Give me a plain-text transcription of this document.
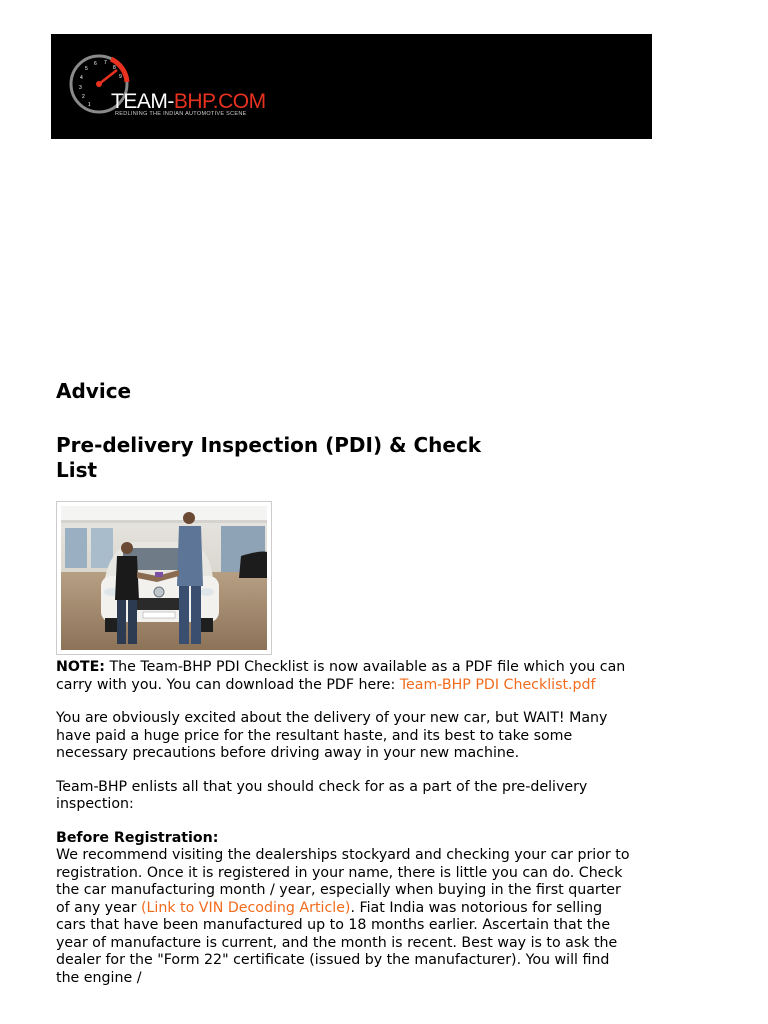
1
2
3
4
5
6 7
8
9
TEAM-BHP.COM
REDLINING THE INDIAN AUTOMOTIVE SCENE
Advice
Pre-delivery Inspection (PDI) & Check List

NOTE: The Team-BHP PDI Checklist is now available as a PDF file which you can carry with you. You can download the PDF here: Team-BHP PDI Checklist.pdf

You are obviously excited about the delivery of your new car, but WAIT! Many have paid a huge price for the resultant haste, and its best to take some necessary precautions before driving away in your new machine.

Team-BHP enlists all that you should check for as a part of the pre-delivery inspection:

Before Registration:
We recommend visiting the dealerships stockyard and checking your car prior to registration. Once it is registered in your name, there is little you can do. Check the car manufacturing month / year, especially when buying in the first quarter of any year (Link to VIN Decoding Article). Fiat India was notorious for selling cars that have been manufactured up to 18 months earlier. Ascertain that the year of manufacture is current, and the month is recent. Best way is to ask the dealer for the "Form 22" certificate (issued by the manufacturer). You will find the engine /
